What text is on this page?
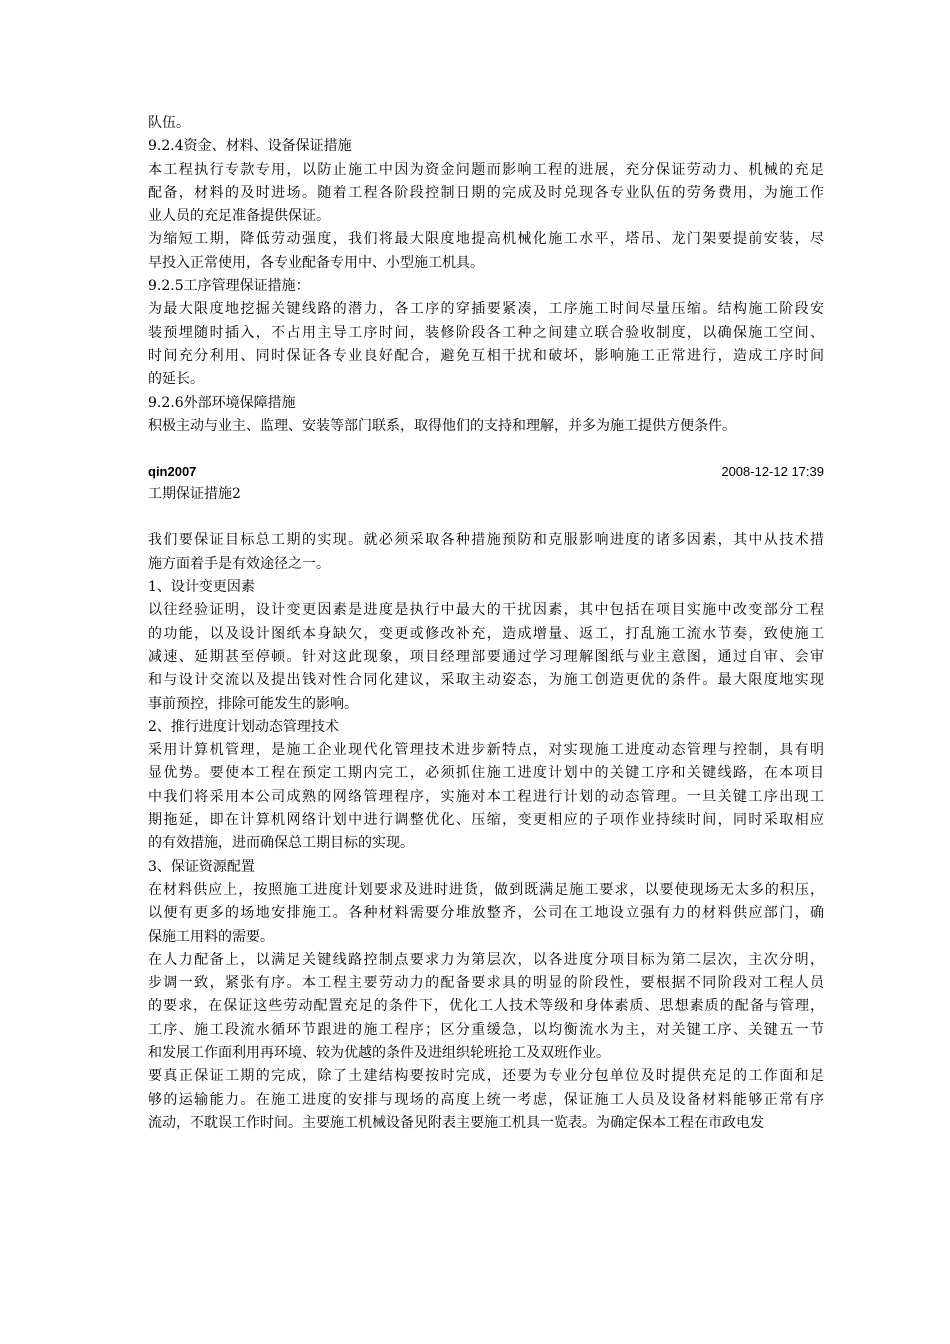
队伍。
9.2.4资金、材料、设备保证措施
本工程执行专款专用，以防止施工中因为资金问题而影响工程的进展，充分保证劳动力、机械的充足
配备，材料的及时进场。随着工程各阶段控制日期的完成及时兑现各专业队伍的劳务费用，为施工作
业人员的充足准备提供保证。
为缩短工期，降低劳动强度，我们将最大限度地提高机械化施工水平，塔吊、龙门架要提前安装，尽
早投入正常使用，各专业配备专用中、小型施工机具。
9.2.5工序管理保证措施：
为最大限度地挖掘关键线路的潜力，各工序的穿插要紧凑，工序施工时间尽量压缩。结构施工阶段安
装预埋随时插入，不占用主导工序时间，装修阶段各工种之间建立联合验收制度，以确保施工空间、
时间充分利用、同时保证各专业良好配合，避免互相干扰和破坏，影响施工正常进行，造成工序时间
的延长。
9.2.6外部环境保障措施
积极主动与业主、监理、安装等部门联系，取得他们的支持和理解，并多为施工提供方便条件。
qin2007	2008-12-12 17:39
工期保证措施2
我们要保证目标总工期的实现。就必须采取各种措施预防和克服影响进度的诸多因素，其中从技术措
施方面着手是有效途径之一。
1、设计变更因素
以往经验证明，设计变更因素是进度是执行中最大的干扰因素，其中包括在项目实施中改变部分工程
的功能，以及设计图纸本身缺欠，变更或修改补充，造成增量、返工，打乱施工流水节奏，致使施工
减速、延期甚至停顿。针对这此现象，项目经理部要通过学习理解图纸与业主意图，通过自审、会审
和与设计交流以及提出钱对性合同化建议，采取主动姿态，为施工创造更优的条件。最大限度地实现
事前预控，排除可能发生的影响。
2、推行进度计划动态管理技术
采用计算机管理，是施工企业现代化管理技术进步新特点，对实现施工进度动态管理与控制，具有明
显优势。要使本工程在预定工期内完工，必须抓住施工进度计划中的关键工序和关键线路，在本项目
中我们将采用本公司成熟的网络管理程序，实施对本工程进行计划的动态管理。一旦关键工序出现工
期拖延，即在计算机网络计划中进行调整优化、压缩，变更相应的子项作业持续时间，同时采取相应
的有效措施，进而确保总工期目标的实现。
3、保证资源配置
在材料供应上，按照施工进度计划要求及进时进货，做到既满足施工要求，以要使现场无太多的积压，
以便有更多的场地安排施工。各种材料需要分堆放整齐，公司在工地设立强有力的材料供应部门，确
保施工用料的需要。
在人力配备上，以满足关键线路控制点要求力为第层次，以各进度分项目标为第二层次，主次分明，
步调一致，紧张有序。本工程主要劳动力的配备要求具的明显的阶段性，要根据不同阶段对工程人员
的要求，在保证这些劳动配置充足的条件下，优化工人技术等级和身体素质、思想素质的配备与管理，
工序、施工段流水循环节跟进的施工程序；区分重缓急，以均衡流水为主，对关键工序、关键五一节
和发展工作面利用再环境、较为优越的条件及进组织轮班抢工及双班作业。
要真正保证工期的完成，除了土建结构要按时完成，还要为专业分包单位及时提供充足的工作面和足
够的运输能力。在施工进度的安排与现场的高度上统一考虑，保证施工人员及设备材料能够正常有序
流动，不耽误工作时间。主要施工机械设备见附表主要施工机具一览表。为确定保本工程在市政电发
